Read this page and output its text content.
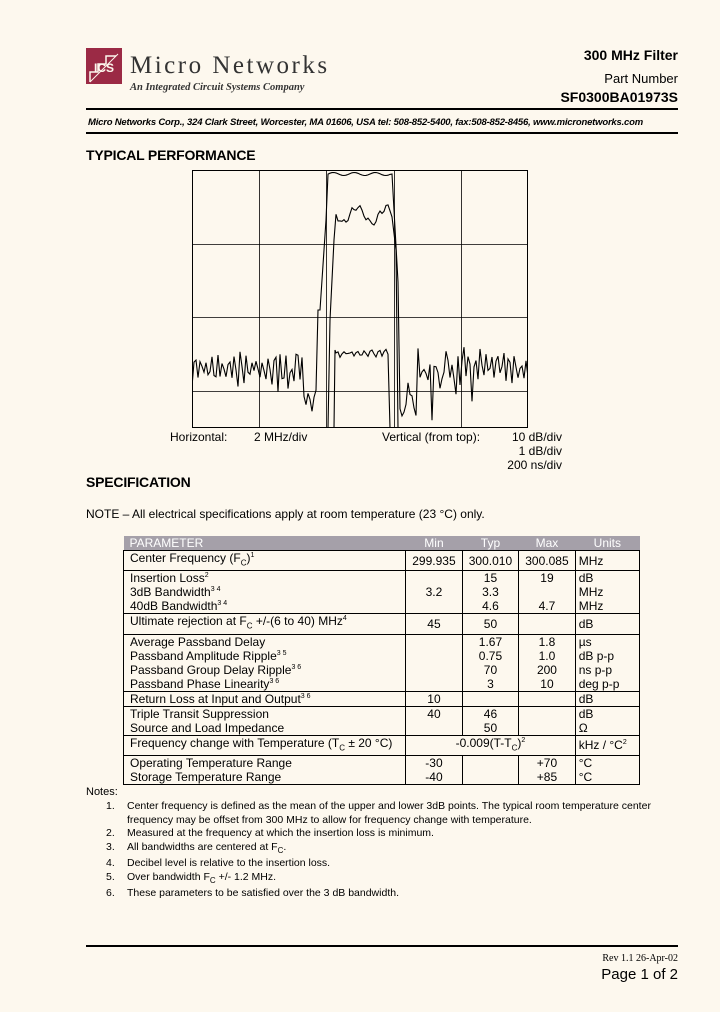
ICS Micro Networks
An Integrated Circuit Systems Company
300 MHz Filter
Part Number
SF0300BA01973S
Micro Networks Corp., 324 Clark Street, Worcester, MA 01606, USA tel: 508-852-5400, fax:508-852-8456, www.micronetworks.com
TYPICAL PERFORMANCE
Horizontal: 2 MHz/div	Vertical (from top):	10 dB/div
1 dB/div
200 ns/div
SPECIFICATION
NOTE – All electrical specifications apply at room temperature (23 °C) only.
PARAMETER	Min	Typ	Max	Units
Center Frequency $(F_C)^1$	299.935	300.010	300.085	MHz
Insertion Loss$^2$		15	19	dB
3dB Bandwidth$^{3 4}$	3.2	3.3		MHz
40dB Bandwidth$^{3 4}$		4.6	4.7	MHz
Ultimate rejection at $F_C +/-(6$ to 40) MHz$^4$	45	50		dB
Average Passband Delay		1.67	1.8	µs
Passband Amplitude Ripple$^{3 5}$		0.75	1.0	dB p-p
Passband Group Delay Ripple$^{3 6}$		70	200	ns p-p
Passband Phase Linearity$^{3 6}$		3	10	deg p-p
Return Loss at Input and Output$^{3 6}$	10			dB
Triple Transit Suppression	40	46		dB
Source and Load Impedance		50		Ω
Frequency change with Temperature ($T_C \pm 20$ °C)	$-0.009(T-T_C)^2$			kHz / $^\circ C^2$
Operating Temperature Range	-30		+70	°C
Storage Temperature Range	-40		+85	°C
Notes:
1.	Center frequency is defined as the mean of the upper and lower 3dB points. The typical room temperature center frequency may be offset from 300 MHz to allow for frequency change with temperature.
2.	Measured at the frequency at which the insertion loss is minimum.
3.	All bandwidths are centered at $F_C$.
4.	Decibel level is relative to the insertion loss.
5.	Over bandwidth $F_C$ +/- 1.2 MHz.
6.	These parameters to be satisfied over the 3 dB bandwidth.
Rev 1.1 26-Apr-02
Page 1 of 2
